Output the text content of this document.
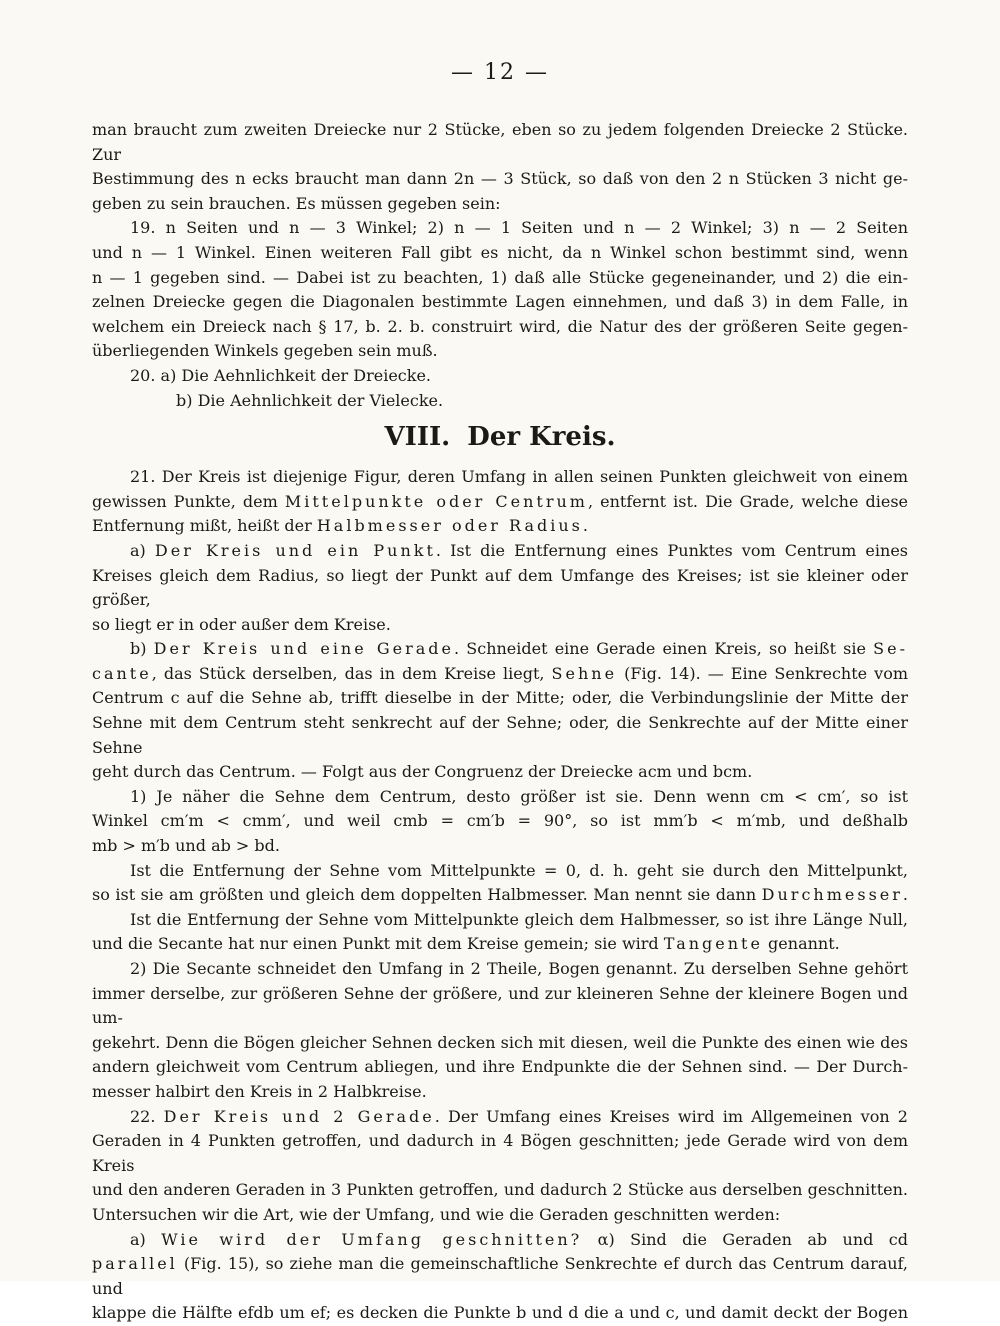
— 12 —

man braucht zum zweiten Dreiecke nur 2 Stücke, eben so zu jedem folgenden Dreiecke 2 Stücke. Zur

Bestimmung des n ecks braucht man dann 2n — 3 Stück, so daß von den 2 n Stücken 3 nicht ge-

geben zu sein brauchen. Es müssen gegeben sein:

19. n Seiten und n — 3 Winkel; 2) n — 1 Seiten und n — 2 Winkel; 3) n — 2 Seiten

und n — 1 Winkel. Einen weiteren Fall gibt es nicht, da n Winkel schon bestimmt sind, wenn

n — 1 gegeben sind. — Dabei ist zu beachten, 1) daß alle Stücke gegeneinander, und 2) die ein-

zelnen Dreiecke gegen die Diagonalen bestimmte Lagen einnehmen, und daß 3) in dem Falle, in

welchem ein Dreieck nach § 17, b. 2. b. construirt wird, die Natur des der größeren Seite gegen-

überliegenden Winkels gegeben sein muß.

20. a) Die Aehnlichkeit der Dreiecke.

b) Die Aehnlichkeit der Vielecke.

VIII. Der Kreis.

21. Der Kreis ist diejenige Figur, deren Umfang in allen seinen Punkten gleichweit von einem

gewissen Punkte, dem Mittelpunkte oder Centrum, entfernt ist. Die Grade, welche diese

Entfernung mißt, heißt der Halbmesser oder Radius.

a) Der Kreis und ein Punkt. Ist die Entfernung eines Punktes vom Centrum eines

Kreises gleich dem Radius, so liegt der Punkt auf dem Umfange des Kreises; ist sie kleiner oder größer,

so liegt er in oder außer dem Kreise.

b) Der Kreis und eine Gerade. Schneidet eine Gerade einen Kreis, so heißt sie Se-

cante, das Stück derselben, das in dem Kreise liegt, Sehne (Fig. 14). — Eine Senkrechte vom

Centrum c auf die Sehne ab, trifft dieselbe in der Mitte; oder, die Verbindungslinie der Mitte der

Sehne mit dem Centrum steht senkrecht auf der Sehne; oder, die Senkrechte auf der Mitte einer Sehne

geht durch das Centrum. — Folgt aus der Congruenz der Dreiecke acm und bcm.

1) Je näher die Sehne dem Centrum, desto größer ist sie. Denn wenn cm < cm′, so ist

Winkel cm′m < cmm′, und weil cmb = cm′b = 90°, so ist mm′b < m′mb, und deßhalb

mb > m′b und ab > bd.

Ist die Entfernung der Sehne vom Mittelpunkte = 0, d. h. geht sie durch den Mittelpunkt,

so ist sie am größten und gleich dem doppelten Halbmesser. Man nennt sie dann Durchmesser.

Ist die Entfernung der Sehne vom Mittelpunkte gleich dem Halbmesser, so ist ihre Länge Null,

und die Secante hat nur einen Punkt mit dem Kreise gemein; sie wird Tangente genannt.

2) Die Secante schneidet den Umfang in 2 Theile, Bogen genannt. Zu derselben Sehne gehört

immer derselbe, zur größeren Sehne der größere, und zur kleineren Sehne der kleinere Bogen und um-

gekehrt. Denn die Bögen gleicher Sehnen decken sich mit diesen, weil die Punkte des einen wie des

andern gleichweit vom Centrum abliegen, und ihre Endpunkte die der Sehnen sind. — Der Durch-

messer halbirt den Kreis in 2 Halbkreise.

22. Der Kreis und 2 Gerade. Der Umfang eines Kreises wird im Allgemeinen von 2

Geraden in 4 Punkten getroffen, und dadurch in 4 Bögen geschnitten; jede Gerade wird von dem Kreis

und den anderen Geraden in 3 Punkten getroffen, und dadurch 2 Stücke aus derselben geschnitten.

Untersuchen wir die Art, wie der Umfang, und wie die Geraden geschnitten werden:

a) Wie wird der Umfang geschnitten? α) Sind die Geraden ab und cd

parallel (Fig. 15), so ziehe man die gemeinschaftliche Senkrechte ef durch das Centrum darauf, und

klappe die Hälfte efdb um ef; es decken die Punkte b und d die a und c, und damit deckt der Bogen
